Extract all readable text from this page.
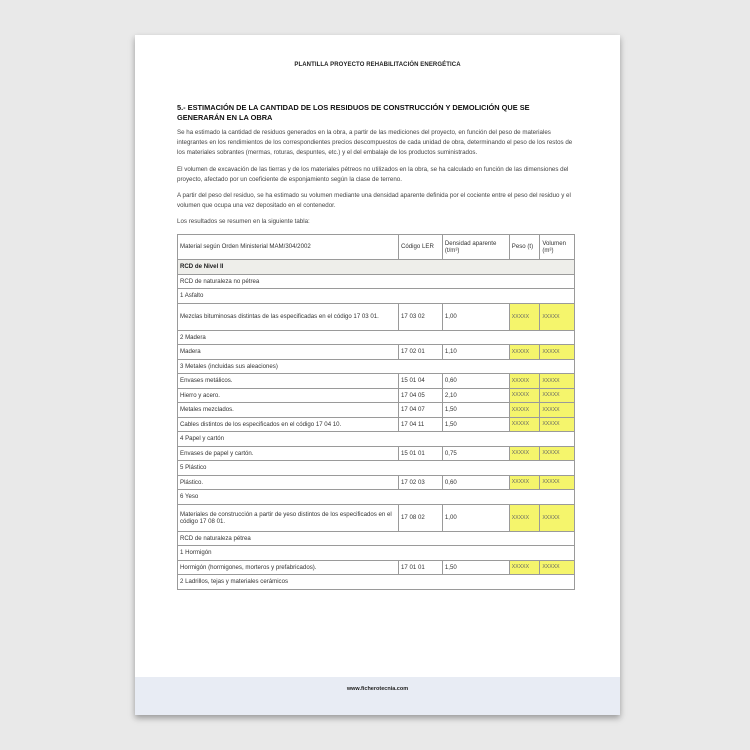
PLANTILLA PROYECTO REHABILITACIÓN ENERGÉTICA

5.- ESTIMACIÓN DE LA CANTIDAD DE LOS RESIDUOS DE CONSTRUCCIÓN Y DEMOLICIÓN QUE SE GENERARÁN EN LA OBRA

Se ha estimado la cantidad de residuos generados en la obra, a partir de las mediciones del proyecto, en función del peso de materiales integrantes en los rendimientos de los correspondientes precios descompuestos de cada unidad de obra, determinando el peso de los restos de los materiales sobrantes (mermas, roturas, despuntes, etc.) y el del embalaje de los productos suministrados.

El volumen de excavación de las tierras y de los materiales pétreos no utilizados en la obra, se ha calculado en función de las dimensiones del proyecto, afectado por un coeficiente de esponjamiento según la clase de terreno.

A partir del peso del residuo, se ha estimado su volumen mediante una densidad aparente definida por el cociente entre el peso del residuo y el volumen que ocupa una vez depositado en el contenedor.

Los resultados se resumen en la siguiente tabla:

Material según Orden Ministerial MAM/304/2002	Código LER	Densidad aparente (t/m³)	Peso (t)	Volumen (m³)
RCD de Nivel II				
RCD de naturaleza no pétrea				
1 Asfalto				
Mezclas bituminosas distintas de las especificadas en el código 17 03 01.	17 03 02	1,00	XXXXX	XXXXX
2 Madera				
Madera	17 02 01	1,10	XXXXX	XXXXX
3 Metales (incluidas sus aleaciones)				
Envases metálicos.	15 01 04	0,60	XXXXX	XXXXX
Hierro y acero.	17 04 05	2,10	XXXXX	XXXXX
Metales mezclados.	17 04 07	1,50	XXXXX	XXXXX
Cables distintos de los especificados en el código 17 04 10.	17 04 11	1,50	XXXXX	XXXXX
4 Papel y cartón				
Envases de papel y cartón.	15 01 01	0,75	XXXXX	XXXXX
5 Plástico				
Plástico.	17 02 03	0,60	XXXXX	XXXXX
6 Yeso				
Materiales de construcción a partir de yeso distintos de los especificados en el código 17 08 01.	17 08 02	1,00	XXXXX	XXXXX
RCD de naturaleza pétrea				
1 Hormigón				
Hormigón (hormigones, morteros y prefabricados).	17 01 01	1,50	XXXXX	XXXXX
2 Ladrillos, tejas y materiales cerámicos				
www.ficherotecnia.com
